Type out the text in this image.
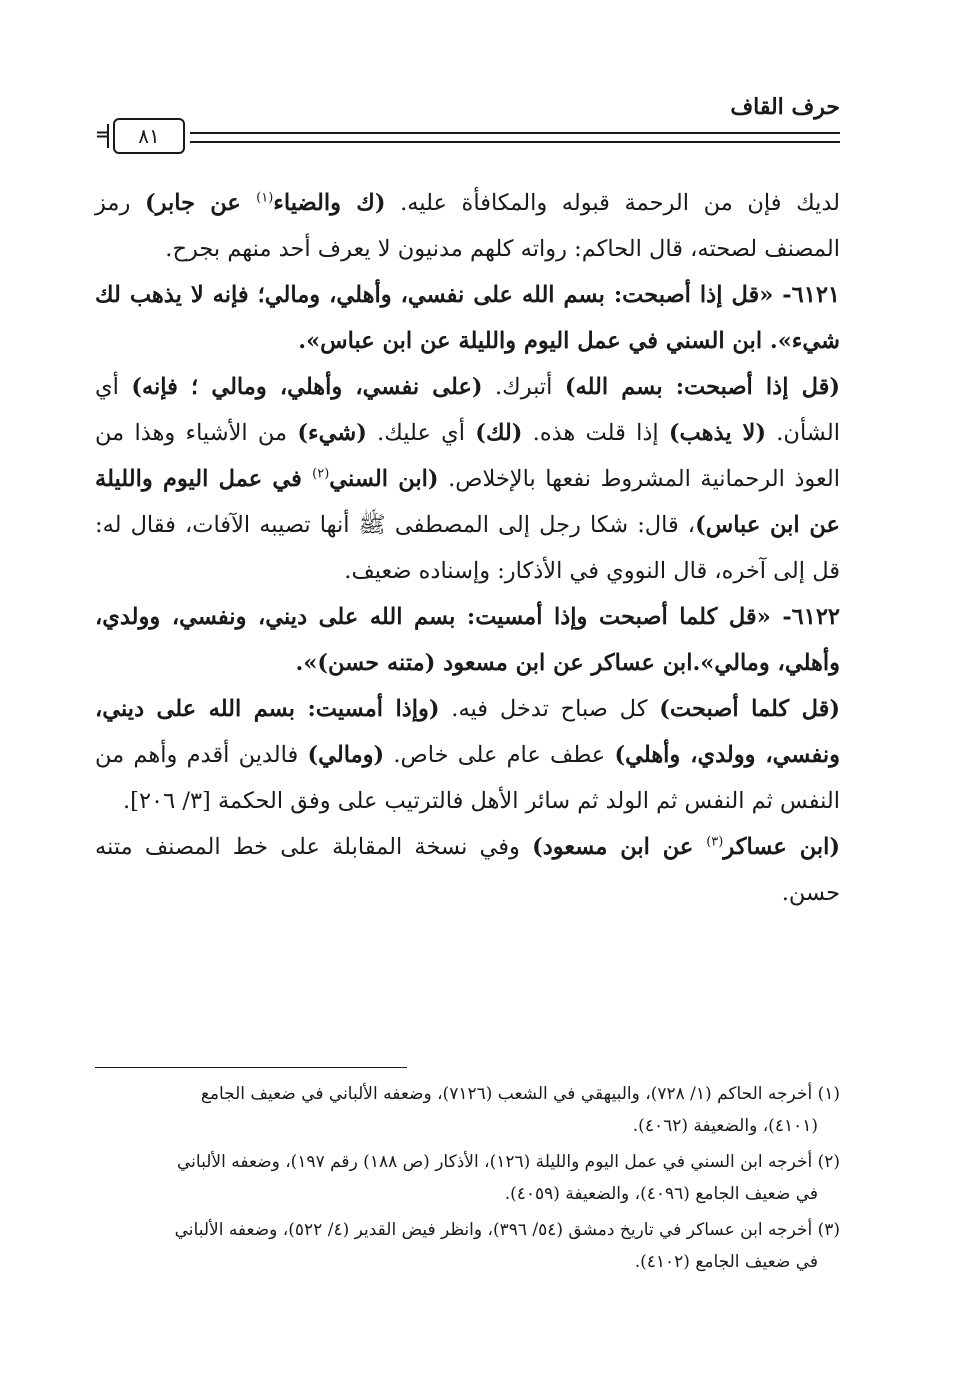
حرف القاف
= ٨١

لديك فإن من الرحمة قبوله والمكافأة عليه. (ك والضياء$^{(١)}$ عن جابر) رمز المصنف لصحته، قال الحاكم: رواته كلهم مدنيون لا يعرف أحد منهم بجرح.

٦١٢١- «قل إذا أصبحت: بسم الله على نفسي، وأهلي، ومالي؛ فإنه لا يذهب لك شيء». ابن السني في عمل اليوم والليلة عن ابن عباس».

(قل إذا أصبحت: بسم الله) أتبرك. (على نفسي، وأهلي، ومالي ؛ فإنه) أي الشأن. (لا يذهب) إذا قلت هذه. (لك) أي عليك. (شيء) من الأشياء وهذا من العوذ الرحمانية المشروط نفعها بالإخلاص. (ابن السني$^{(٢)}$ في عمل اليوم والليلة عن ابن عباس)، قال: شكا رجل إلى المصطفى ﷺ أنها تصيبه الآفات، فقال له: قل إلى آخره، قال النووي في الأذكار: وإسناده ضعيف.

٦١٢٢- «قل كلما أصبحت وإذا أمسيت: بسم الله على ديني، ونفسي، وولدي، وأهلي، ومالي».ابن عساكر عن ابن مسعود (متنه حسن)».

(قل كلما أصبحت) كل صباح تدخل فيه. (وإذا أمسيت: بسم الله على ديني، ونفسي، وولدي، وأهلي) عطف عام على خاص. (ومالي) فالدين أقدم وأهم من النفس ثم النفس ثم الولد ثم سائر الأهل فالترتيب على وفق الحكمة [٣/ ٢٠٦].

(ابن عساكر$^{(٣)}$ عن ابن مسعود) وفي نسخة المقابلة على خط المصنف متنه حسن.

(١) أخرجه الحاكم (١/ ٧٢٨)، والبيهقي في الشعب (٧١٢٦)، وضعفه الألباني في ضعيف الجامع
(٤١٠١)، والضعيفة (٤٠٦٢).
(٢) أخرجه ابن السني في عمل اليوم والليلة (١٢٦)، الأذكار (ص ١٨٨) رقم ١٩٧)، وضعفه الألباني
في ضعيف الجامع (٤٠٩٦)، والضعيفة (٤٠٥٩).
(٣) أخرجه ابن عساكر في تاريخ دمشق (٥٤/ ٣٩٦)، وانظر فيض القدير (٤/ ٥٢٢)، وضعفه الألباني
في ضعيف الجامع (٤١٠٢).
